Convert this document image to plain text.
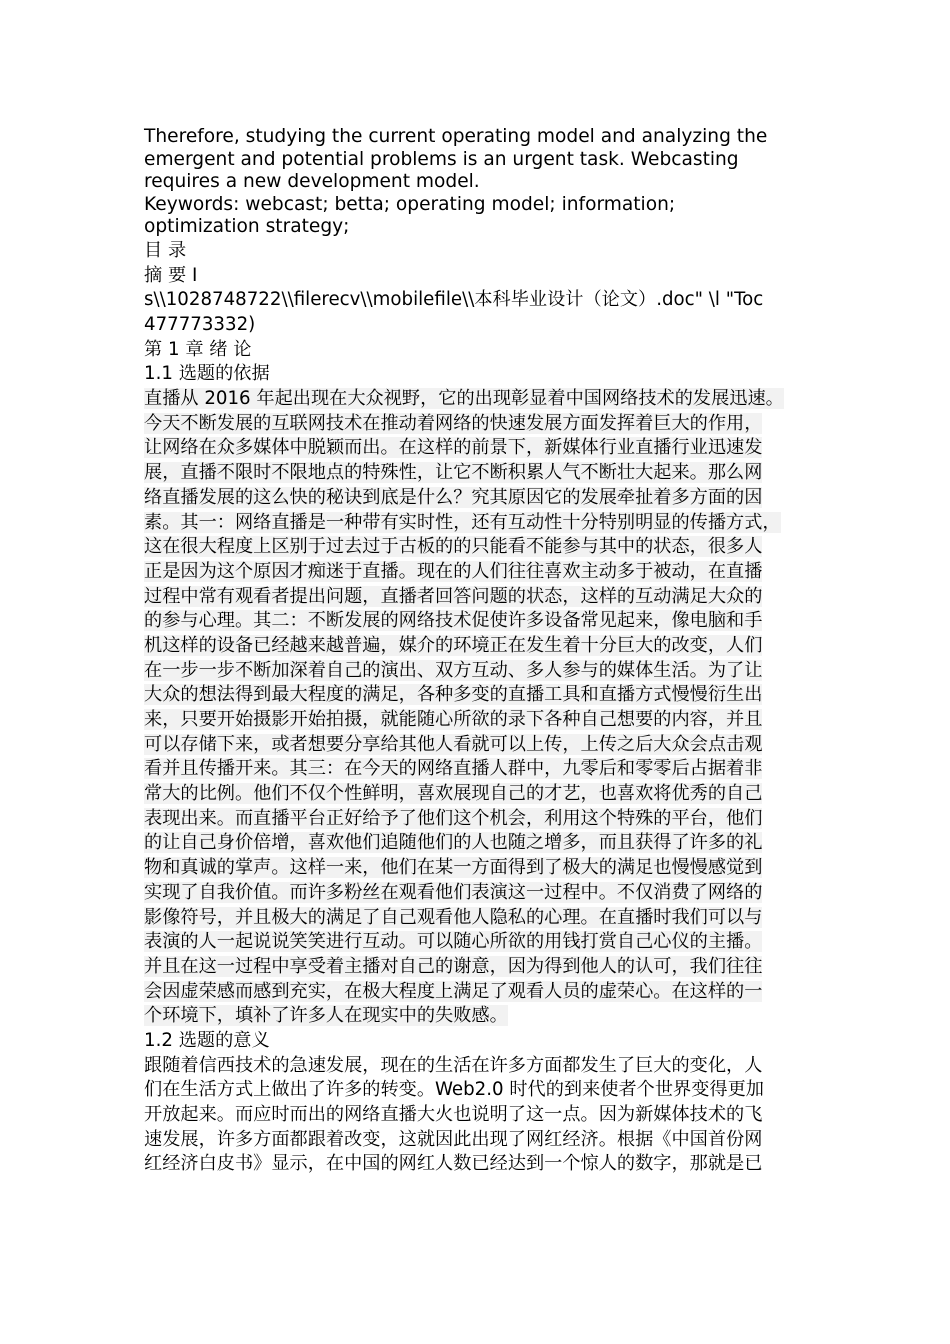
Therefore, studying the current operating model and analyzing the
emergent and potential problems is an urgent task. Webcasting
requires a new development model.
Keywords: webcast; betta; operating model; information;
optimization strategy;
目 录
摘 要 I
s\\1028748722\\filerecv\\mobilefile\\本科毕业设计（论文）.doc" \l "Toc
477773332)
第 1 章 绪 论
1.1 选题的依据
直播从 2016 年起出现在大众视野，它的出现彰显着中国网络技术的发展迅速。
今天不断发展的互联网技术在推动着网络的快速发展方面发挥着巨大的作用，
让网络在众多媒体中脱颖而出。在这样的前景下，新媒体行业直播行业迅速发
展，直播不限时不限地点的特殊性，让它不断积累人气不断壮大起来。那么网
络直播发展的这么快的秘诀到底是什么？究其原因它的发展牵扯着多方面的因
素。其一：网络直播是一种带有实时性，还有互动性十分特别明显的传播方式，
这在很大程度上区别于过去过于古板的的只能看不能参与其中的状态，很多人
正是因为这个原因才痴迷于直播。现在的人们往往喜欢主动多于被动，在直播
过程中常有观看者提出问题，直播者回答问题的状态，这样的互动满足大众的
的参与心理。其二：不断发展的网络技术促使许多设备常见起来，像电脑和手
机这样的设备已经越来越普遍，媒介的环境正在发生着十分巨大的改变，人们
在一步一步不断加深着自己的演出、双方互动、多人参与的媒体生活。为了让
大众的想法得到最大程度的满足，各种多变的直播工具和直播方式慢慢衍生出
来，只要开始摄影开始拍摄，就能随心所欲的录下各种自己想要的内容，并且
可以存储下来，或者想要分享给其他人看就可以上传，上传之后大众会点击观
看并且传播开来。其三：在今天的网络直播人群中，九零后和零零后占据着非
常大的比例。他们不仅个性鲜明，喜欢展现自己的才艺，也喜欢将优秀的自己
表现出来。而直播平台正好给予了他们这个机会，利用这个特殊的平台，他们
的让自己身价倍增，喜欢他们追随他们的人也随之增多，而且获得了许多的礼
物和真诚的掌声。这样一来，他们在某一方面得到了极大的满足也慢慢感觉到
实现了自我价值。而许多粉丝在观看他们表演这一过程中。不仅消费了网络的
影像符号，并且极大的满足了自己观看他人隐私的心理。在直播时我们可以与
表演的人一起说说笑笑进行互动。可以随心所欲的用钱打赏自己心仪的主播。
并且在这一过程中享受着主播对自己的谢意，因为得到他人的认可，我们往往
会因虚荣感而感到充实，在极大程度上满足了观看人员的虚荣心。在这样的一
个环境下，填补了许多人在现实中的失败感。
1.2 选题的意义
跟随着信西技术的急速发展，现在的生活在许多方面都发生了巨大的变化，人
们在生活方式上做出了许多的转变。Web2.0 时代的到来使者个世界变得更加
开放起来。而应时而出的网络直播大火也说明了这一点。因为新媒体技术的飞
速发展，许多方面都跟着改变，这就因此出现了网红经济。根据《中国首份网
红经济白皮书》显示，在中国的网红人数已经达到一个惊人的数字，那就是已
